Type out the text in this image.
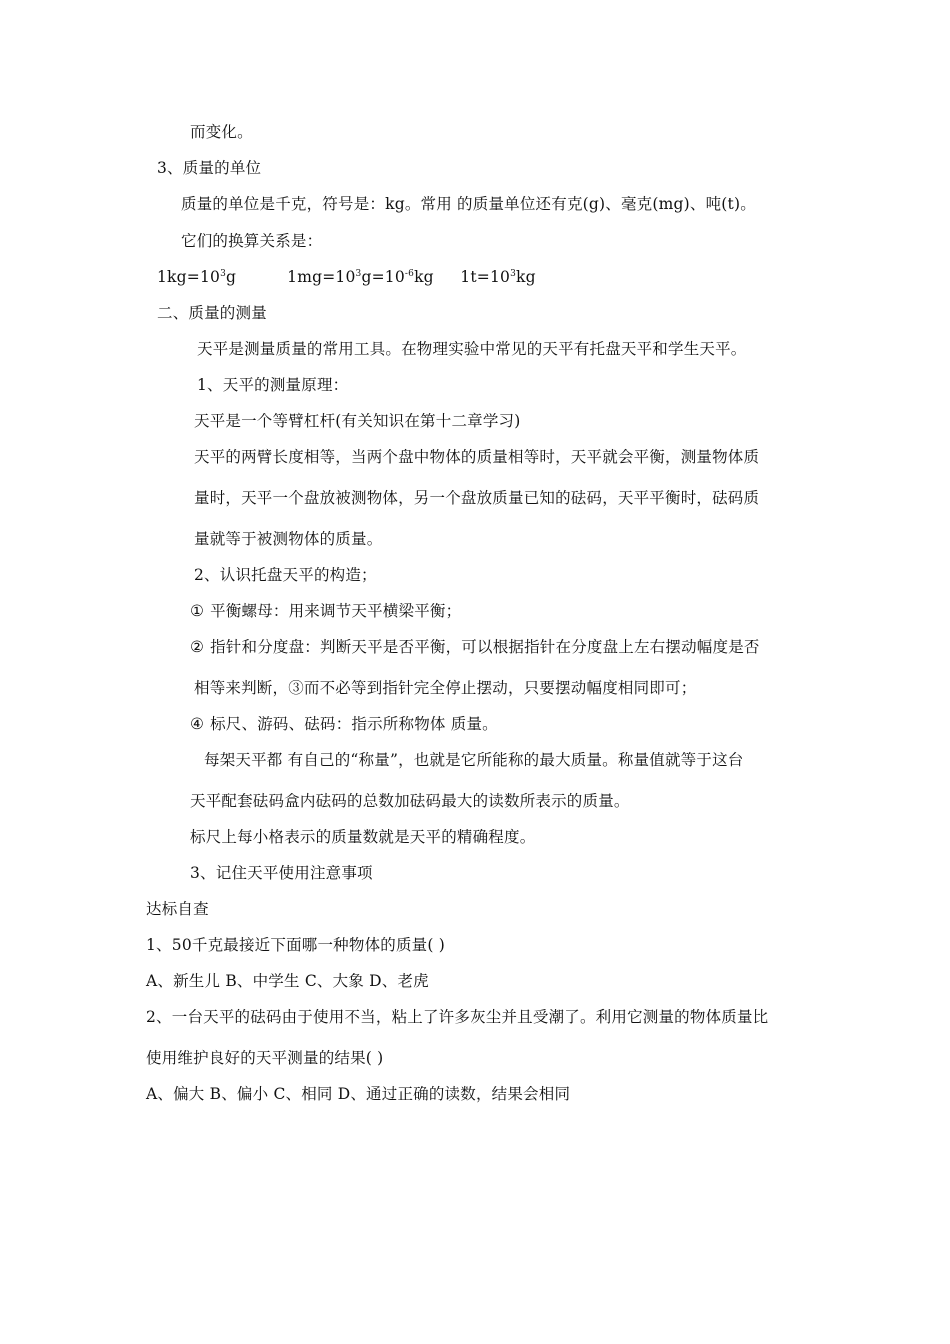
而变化。
3、质量的单位
质量的单位是千克，符号是：kg。常用 的质量单位还有克(g)、毫克(mg)、吨(t)。
它们的换算关系是：
$1kg=10^3g$	$1mg=10^3g=10^{-6}kg$ $1t=10^3kg$
二、质量的测量
天平是测量质量的常用工具。在物理实验中常见的天平有托盘天平和学生天平。
1、天平的测量原理：
天平是一个等臂杠杆(有关知识在第十二章学习)
天平的两臂长度相等，当两个盘中物体的质量相等时，天平就会平衡，测量物体质
量时，天平一个盘放被测物体，另一个盘放质量已知的砝码，天平平衡时，砝码质
量就等于被测物体的质量。
2、认识托盘天平的构造；
① 平衡螺母：用来调节天平横梁平衡；
② 指针和分度盘：判断天平是否平衡，可以根据指针在分度盘上左右摆动幅度是否
相等来判断，③而不必等到指针完全停止摆动，只要摆动幅度相同即可；
④ 标尺、游码、砝码：指示所称物体 质量。
每架天平都 有自己的“称量”，也就是它所能称的最大质量。称量值就等于这台
天平配套砝码盒内砝码的总数加砝码最大的读数所表示的质量。
标尺上每小格表示的质量数就是天平的精确程度。
3、记住天平使用注意事项
达标自查
1、50千克最接近下面哪一种物体的质量( )
A、新生儿 B、中学生 C、大象 D、老虎
2、一台天平的砝码由于使用不当，粘上了许多灰尘并且受潮了。利用它测量的物体质量比
使用维护良好的天平测量的结果( )
A、偏大 B、偏小 C、相同 D、通过正确的读数，结果会相同
